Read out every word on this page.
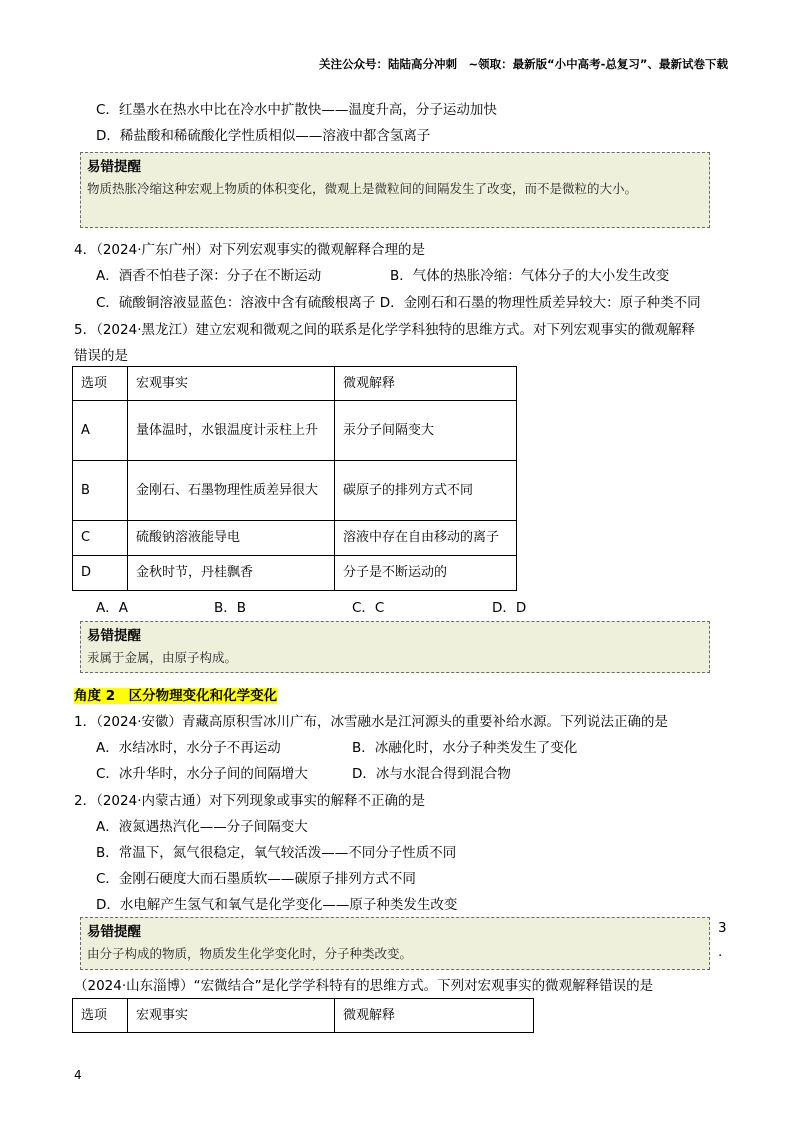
关注公众号：陆陆高分冲刺　~领取：最新版“小中高考-总复习”、最新试卷下载
C．红墨水在热水中比在冷水中扩散快——温度升高，分子运动加快
D．稀盐酸和稀硫酸化学性质相似——溶液中都含氢离子
易错提醒
物质热胀冷缩这种宏观上物质的体积变化，微观上是微粒间的间隔发生了改变，而不是微粒的大小。
4．（2024·广东广州）对下列宏观事实的微观解释合理的是
A．酒香不怕巷子深：分子在不断运动	B．气体的热胀冷缩：气体分子的大小发生改变
C．硫酸铜溶液显蓝色：溶液中含有硫酸根离子 D．金刚石和石墨的物理性质差异较大：原子种类不同
5．（2024·黑龙江）建立宏观和微观之间的联系是化学学科独特的思维方式。对下列宏观事实的微观解释
错误的是
选项	宏观事实	微观解释
A	量体温时，水银温度计汞柱上升	汞分子间隔变大
B	金刚石、石墨物理性质差异很大	碳原子的排列方式不同
C	硫酸钠溶液能导电	溶液中存在自由移动的离子
D	金秋时节，丹桂飘香	分子是不断运动的
A．A	B．B	C．C	D．D
易错提醒
汞属于金属，由原子构成。
角度 2　区分物理变化和化学变化
1．（2024·安徽）青藏高原积雪冰川广布，冰雪融水是江河源头的重要补给水源。下列说法正确的是
A．水结冰时，水分子不再运动	B．冰融化时，水分子种类发生了变化
C．冰升华时，水分子间的间隔增大	D．冰与水混合得到混合物
2．（2024·内蒙古通）对下列现象或事实的解释不正确的是
A．液氮遇热汽化——分子间隔变大
B．常温下，氮气很稳定，氧气较活泼——不同分子性质不同
C．金刚石硬度大而石墨质软——碳原子排列方式不同
D．水电解产生氢气和氧气是化学变化——原子种类发生改变
易错提醒
由分子构成的物质，物质发生化学变化时，分子种类改变。
3
.
（2024·山东淄博）“宏微结合”是化学学科特有的思维方式。下列对宏观事实的微观解释错误的是
选项	宏观事实	微观解释
4
